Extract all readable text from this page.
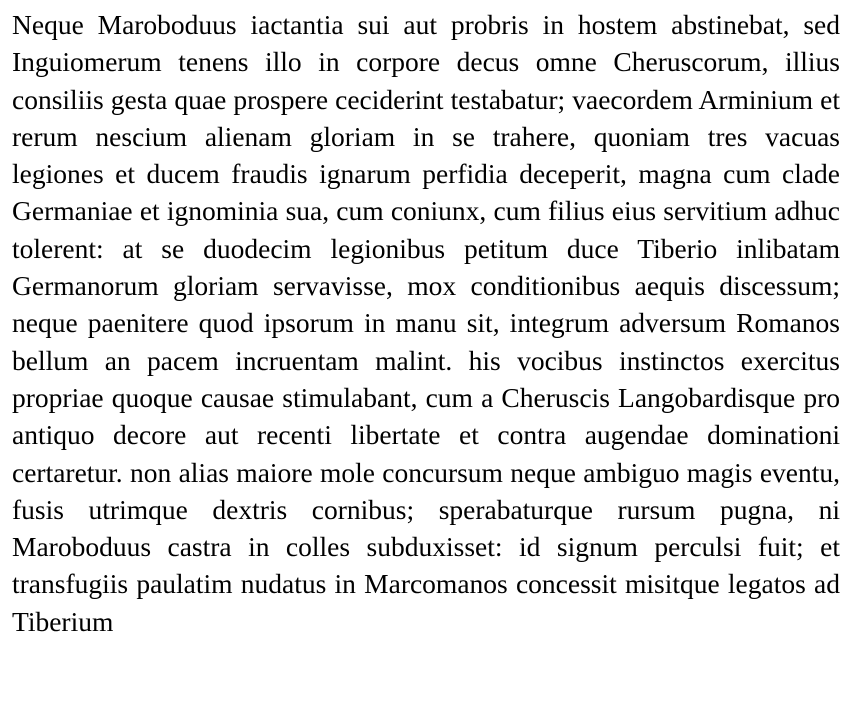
Neque Maroboduus iactantia sui aut probris in hostem abstinebat, sed Inguiomerum tenens illo in corpore decus omne Cheruscorum, illius consiliis gesta quae prospere ceciderint testabatur; vaecordem Arminium et rerum nescium alienam gloriam in se trahere, quoniam tres vacuas legiones et ducem fraudis ignarum perfidia deceperit, magna cum clade Germaniae et ignominia sua, cum coniunx, cum filius eius servitium adhuc tolerent: at se duodecim legionibus petitum duce Tiberio inlibatam Germanorum gloriam servavisse, mox conditionibus aequis discessum; neque paenitere quod ipsorum in manu sit, integrum adversum Romanos bellum an pacem incruentam malint. his vocibus instinctos exercitus propriae quoque causae stimulabant, cum a Cheruscis Langobardisque pro antiquo decore aut recenti libertate et contra augendae dominationi certaretur. non alias maiore mole concursum neque ambiguo magis eventu, fusis utrimque dextris cornibus; sperabaturque rursum pugna, ni Maroboduus castra in colles subduxisset: id signum perculsi fuit; et transfugiis paulatim nudatus in Marcomanos concessit misitque legatos ad Tiberium
